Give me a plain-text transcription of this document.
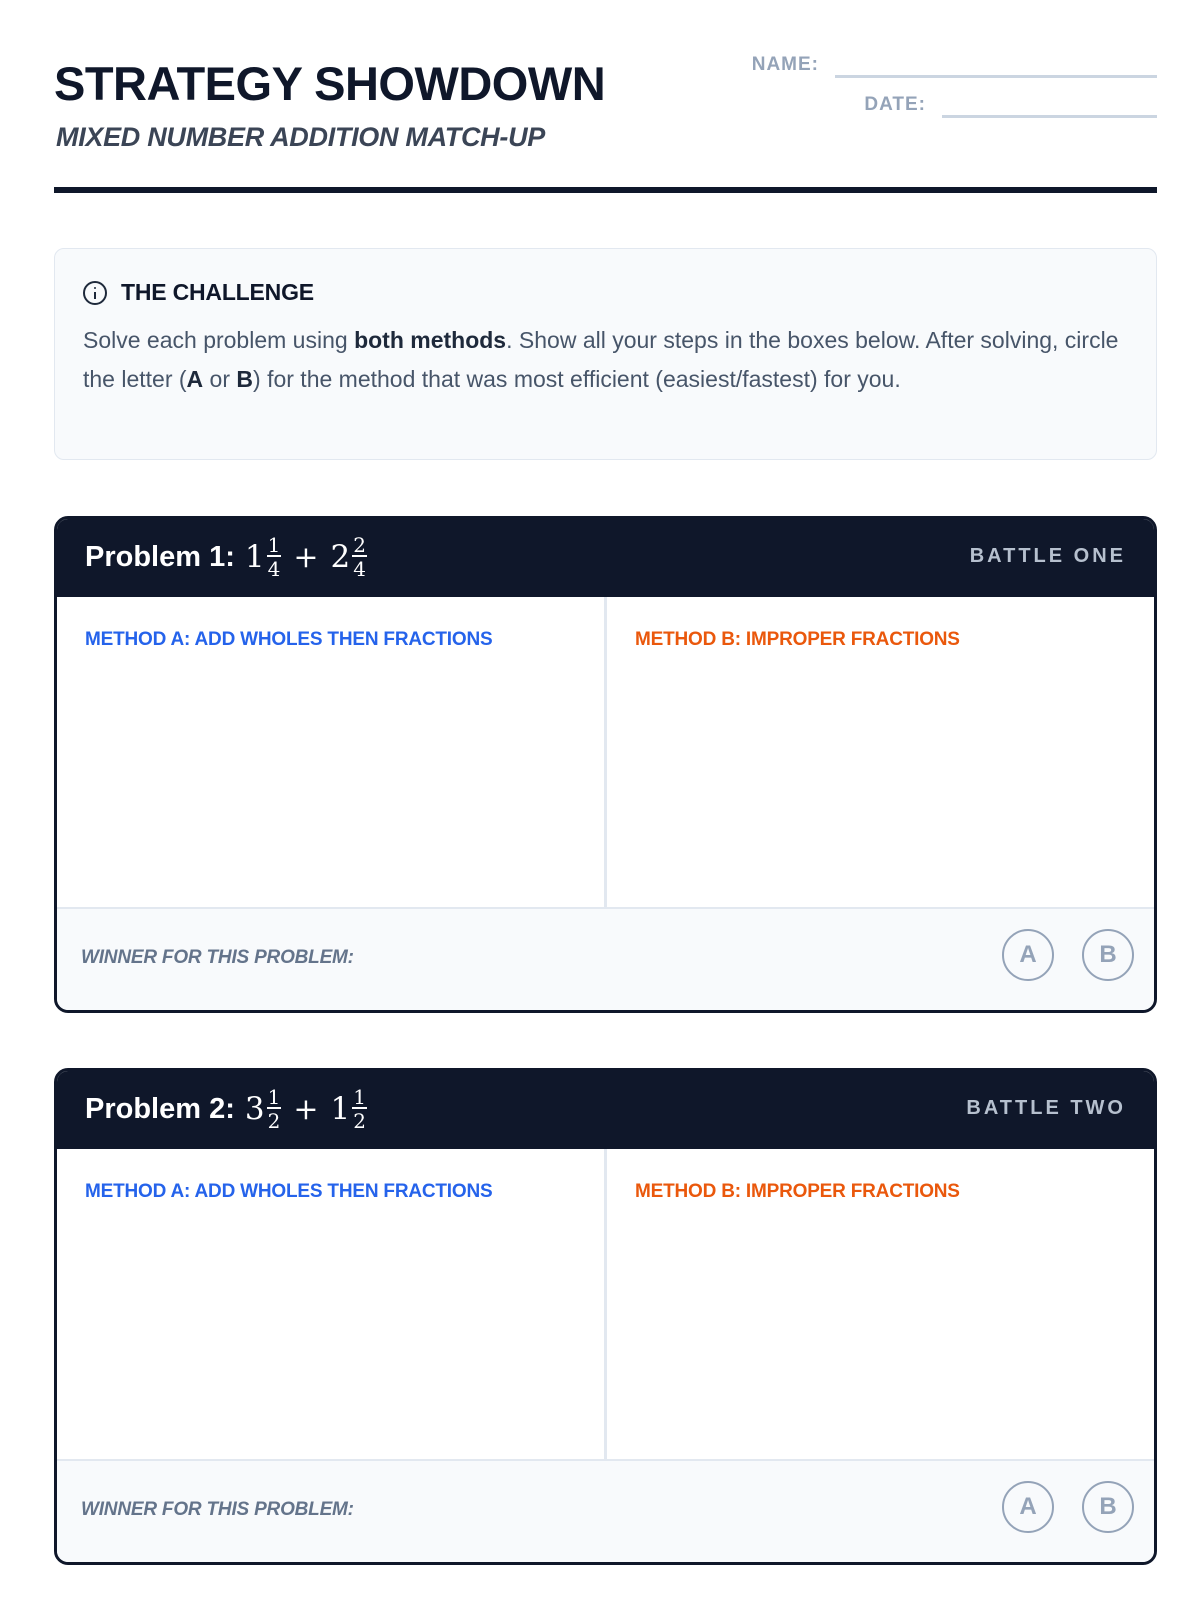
STRATEGY SHOWDOWN
MIXED NUMBER ADDITION MATCH-UP
NAME:
DATE:
THE CHALLENGE

Solve each problem using both methods. Show all your steps in the boxes below. After solving, circle the letter (A or B) for the method that was most efficient (easiest/fastest) for you.

Problem 1: $1 \frac{1}{4} + 2 \frac{2}{4}$	BATTLE ONE
METHOD A: ADD WHOLES THEN FRACTIONS	METHOD B: IMPROPER FRACTIONS
WINNER FOR THIS PROBLEM:	A	B
Problem 2: $3 \frac{1}{2} + 1 \frac{1}{2}$	BATTLE TWO
METHOD A: ADD WHOLES THEN FRACTIONS	METHOD B: IMPROPER FRACTIONS
WINNER FOR THIS PROBLEM:	A	B
